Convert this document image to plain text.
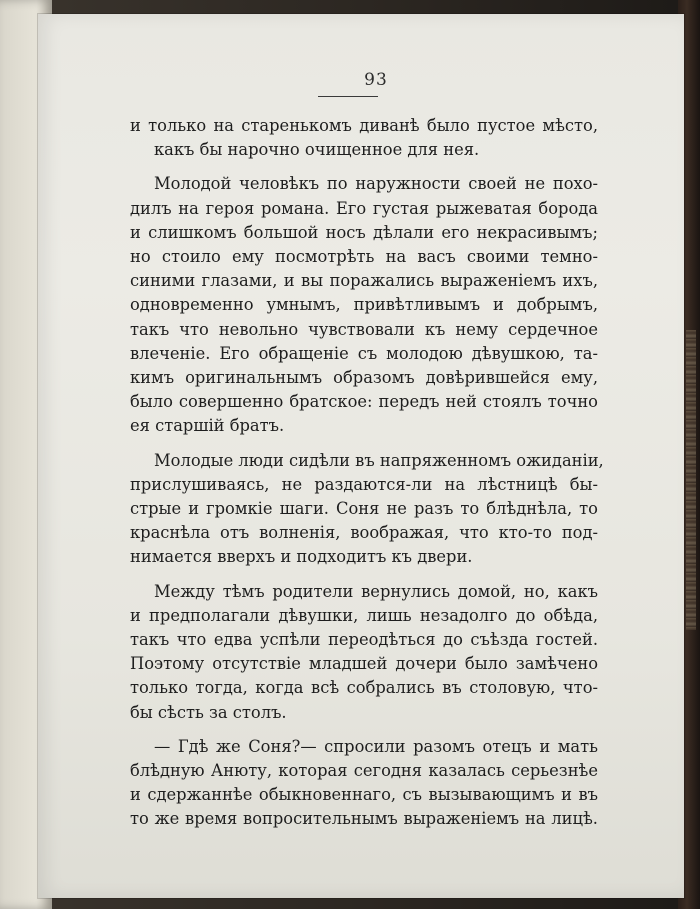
93

и только на старенькомъ диванѣ было пустое мѣсто,
какъ бы нарочно очищенное для нея.

Молодой человѣкъ по наружности своей не похо-
дилъ на героя романа. Его густая рыжеватая борода
и слишкомъ большой носъ дѣлали его некрасивымъ;
но стоило ему посмотрѣть на васъ своими темно-
синими глазами, и вы поражались выраженіемъ ихъ,
одновременно умнымъ, привѣтливымъ и добрымъ,
такъ что невольно чувствовали къ нему сердечное
влеченіе. Его обращеніе съ молодою дѣвушкою, та-
кимъ оригинальнымъ образомъ довѣрившейся ему,
было совершенно братское: передъ ней стоялъ точно
ея старшій братъ.

Молодые люди сидѣли въ напряженномъ ожиданіи,
прислушиваясь, не раздаются-ли на лѣстницѣ бы-
стрые и громкіе шаги. Соня не разъ то блѣднѣла, то
краснѣла отъ волненія, воображая, что кто-то под-
нимается вверхъ и подходитъ къ двери.

Между тѣмъ родители вернулись домой, но, какъ
и предполагали дѣвушки, лишь незадолго до обѣда,
такъ что едва успѣли переодѣться до съѣзда гостей.
Поэтому отсутствіе младшей дочери было замѣчено
только тогда, когда всѣ собрались въ столовую, что-
бы сѣсть за столъ.

— Гдѣ же Соня?— спросили разомъ отецъ и мать
блѣдную Анюту, которая сегодня казалась серьезнѣе
и сдержаннѣе обыкновеннаго, съ вызывающимъ и въ
то же время вопросительнымъ выраженіемъ на лицѣ.
